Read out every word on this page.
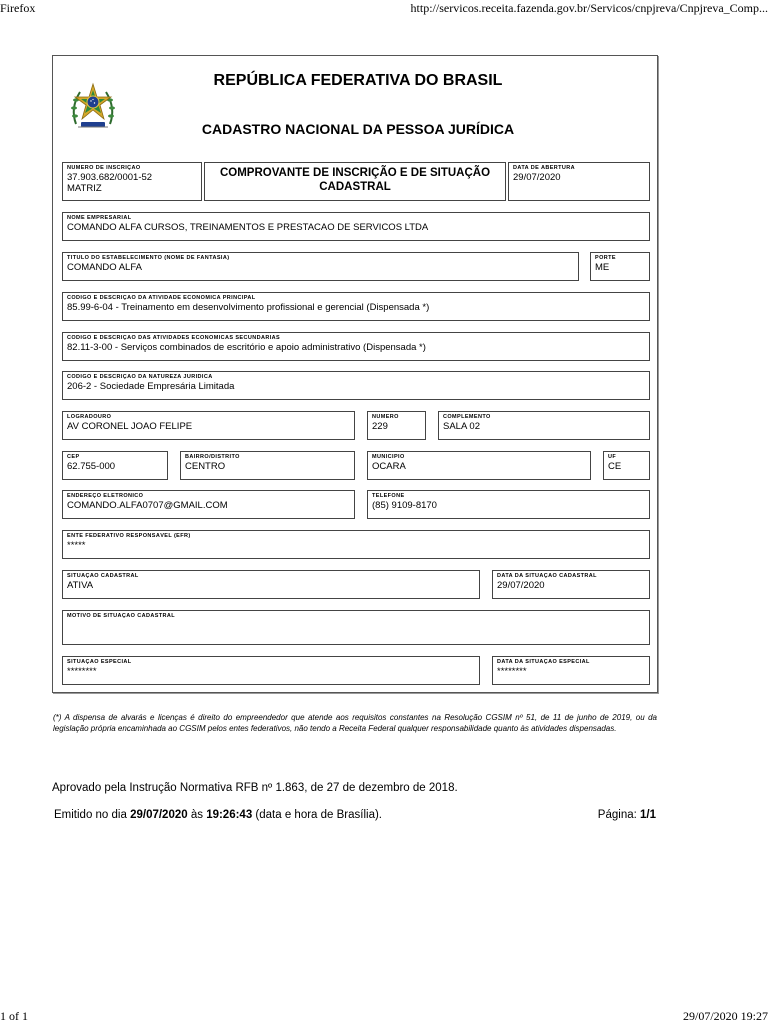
Firefox	http://servicos.receita.fazenda.gov.br/Servicos/cnpjreva/Cnpjreva_Comp...
1 of 1	29/07/2020 19:27
REPÚBLICA FEDERATIVA DO BRASIL
CADASTRO NACIONAL DA PESSOA JURÍDICA
NÚMERO DE INSCRIÇÃO
37.903.682/0001-52
MATRIZ
COMPROVANTE DE INSCRIÇÃO E DE SITUAÇÃO
CADASTRAL
DATA DE ABERTURA
29/07/2020
NOME EMPRESARIAL
COMANDO ALFA CURSOS, TREINAMENTOS E PRESTACAO DE SERVICOS LTDA
TÍTULO DO ESTABELECIMENTO (NOME DE FANTASIA)
COMANDO ALFA
PORTE
ME
CÓDIGO E DESCRIÇÃO DA ATIVIDADE ECONÔMICA PRINCIPAL
85.99-6-04 - Treinamento em desenvolvimento profissional e gerencial (Dispensada *)
CÓDIGO E DESCRIÇÃO DAS ATIVIDADES ECONÔMICAS SECUNDÁRIAS
82.11-3-00 - Serviços combinados de escritório e apoio administrativo (Dispensada *)
CÓDIGO E DESCRIÇÃO DA NATUREZA JURÍDICA
206-2 - Sociedade Empresária Limitada
LOGRADOURO
AV CORONEL JOAO FELIPE
NÚMERO
229
COMPLEMENTO
SALA 02
CEP
62.755-000
BAIRRO/DISTRITO
CENTRO
MUNICÍPIO
OCARA
UF
CE
ENDEREÇO ELETRÔNICO
COMANDO.ALFA0707@GMAIL.COM
TELEFONE
(85) 9109-8170
ENTE FEDERATIVO RESPONSÁVEL (EFR)
*****
SITUAÇÃO CADASTRAL
ATIVA
DATA DA SITUAÇÃO CADASTRAL
29/07/2020
MOTIVO DE SITUAÇÃO CADASTRAL
SITUAÇÃO ESPECIAL
********
DATA DA SITUAÇÃO ESPECIAL
********
(*) A dispensa de alvarás e licenças é direito do empreendedor que atende aos requisitos constantes na Resolução CGSIM nº 51, de 11 de junho de 2019, ou da legislação própria encaminhada ao CGSIM pelos entes federativos, não tendo a Receita Federal qualquer responsabilidade quanto às atividades dispensadas.
Aprovado pela Instrução Normativa RFB nº 1.863, de 27 de dezembro de 2018.
Emitido no dia 29/07/2020 às 19:26:43 (data e hora de Brasília).	Página: 1/1
